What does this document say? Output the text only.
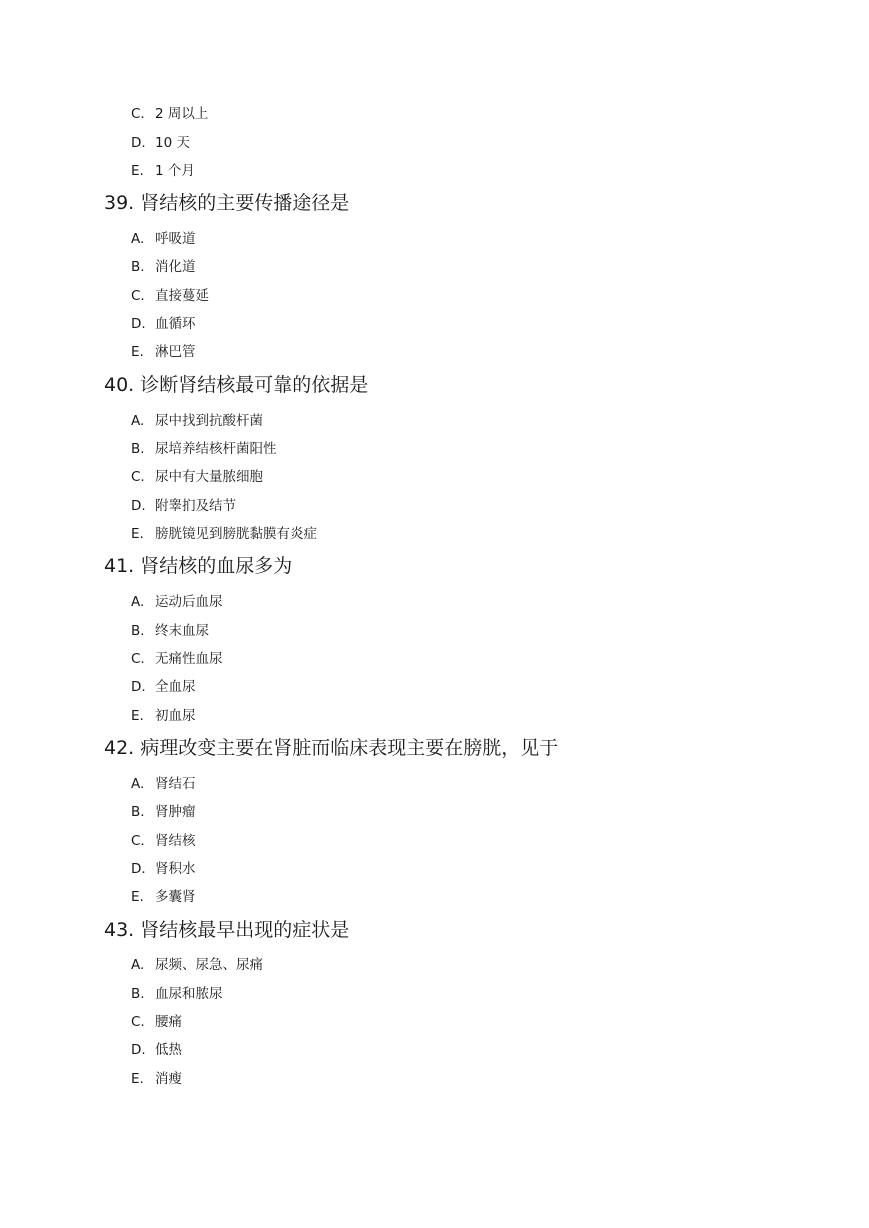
C. 2 周以上
D. 10 天
E. 1 个月
39. 肾结核的主要传播途径是
A. 呼吸道
B. 消化道
C. 直接蔓延
D. 血循环
E. 淋巴管
40. 诊断肾结核最可靠的依据是
A. 尿中找到抗酸杆菌
B. 尿培养结核杆菌阳性
C. 尿中有大量脓细胞
D. 附睾扪及结节
E. 膀胱镜见到膀胱黏膜有炎症
41. 肾结核的血尿多为
A. 运动后血尿
B. 终末血尿
C. 无痛性血尿
D. 全血尿
E. 初血尿
42. 病理改变主要在肾脏而临床表现主要在膀胱，见于
A. 肾结石
B. 肾肿瘤
C. 肾结核
D. 肾积水
E. 多囊肾
43. 肾结核最早出现的症状是
A. 尿频、尿急、尿痛
B. 血尿和脓尿
C. 腰痛
D. 低热
E. 消瘦
